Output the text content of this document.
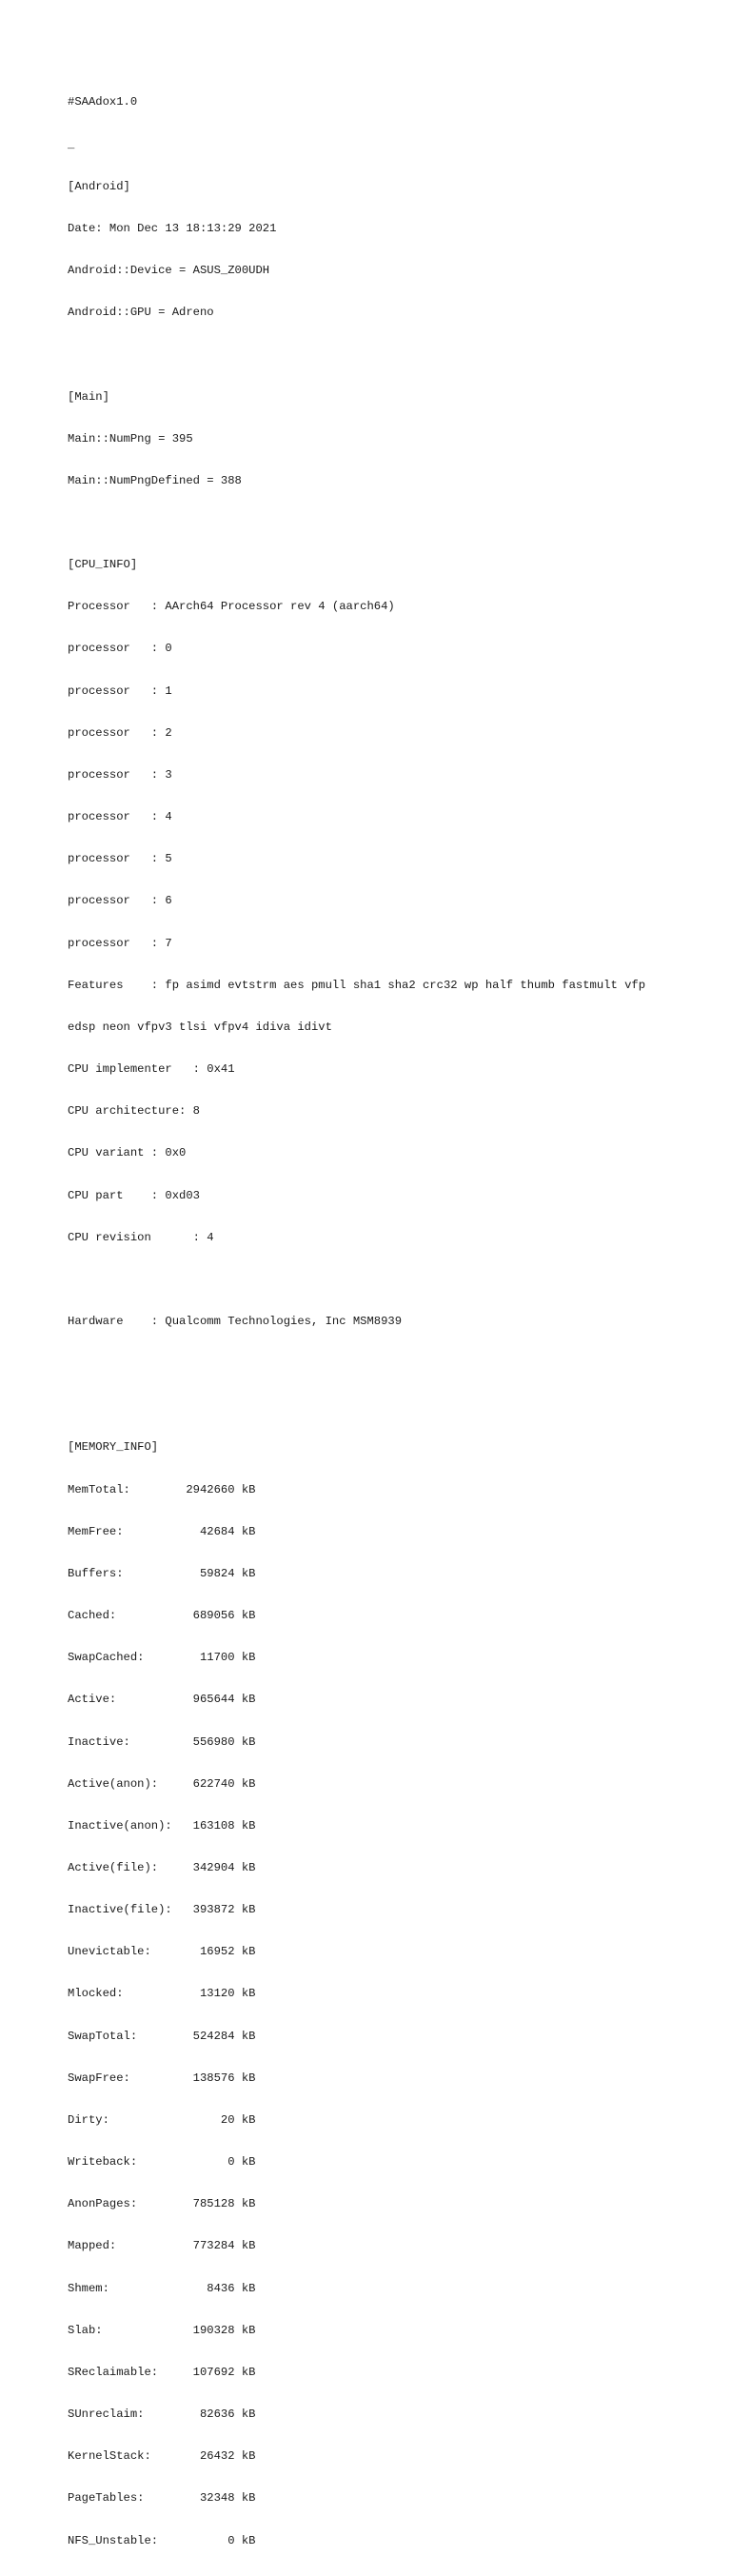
#SAAdox1.0

_

[Android]

Date: Mon Dec 13 18:13:29 2021

Android::Device = ASUS_Z00UDH

Android::GPU = Adreno

[Main]

Main::NumPng = 395

Main::NumPngDefined = 388

[CPU_INFO]

Processor   : AArch64 Processor rev 4 (aarch64)

processor   : 0

processor   : 1

processor   : 2

processor   : 3

processor   : 4

processor   : 5

processor   : 6

processor   : 7

Features    : fp asimd evtstrm aes pmull sha1 sha2 crc32 wp half thumb fastmult vfp

edsp neon vfpv3 tlsi vfpv4 idiva idivt

CPU implementer   : 0x41

CPU architecture: 8

CPU variant : 0x0

CPU part    : 0xd03

CPU revision      : 4

Hardware    : Qualcomm Technologies, Inc MSM8939

[MEMORY_INFO]

MemTotal:        2942660 kB

MemFree:           42684 kB

Buffers:           59824 kB

Cached:           689056 kB

SwapCached:        11700 kB

Active:           965644 kB

Inactive:         556980 kB

Active(anon):     622740 kB

Inactive(anon):   163108 kB

Active(file):     342904 kB

Inactive(file):   393872 kB

Unevictable:       16952 kB

Mlocked:           13120 kB

SwapTotal:        524284 kB

SwapFree:         138576 kB

Dirty:                20 kB

Writeback:             0 kB

AnonPages:        785128 kB

Mapped:           773284 kB

Shmem:              8436 kB

Slab:             190328 kB

SReclaimable:     107692 kB

SUnreclaim:        82636 kB

KernelStack:       26432 kB

PageTables:        32348 kB

NFS_Unstable:          0 kB
